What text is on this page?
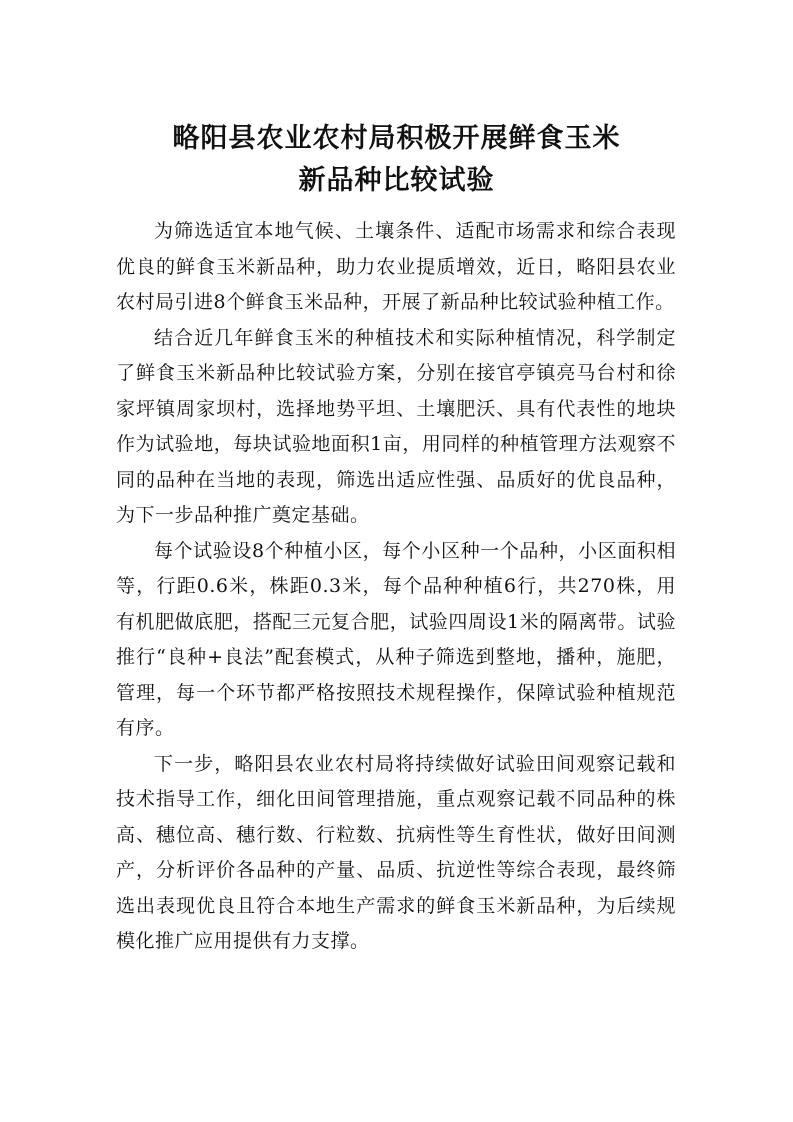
略阳县农业农村局积极开展鲜食玉米
新品种比较试验

为筛选适宜本地气候、土壤条件、适配市场需求和综合表现优良的鲜食玉米新品种，助力农业提质增效，近日，略阳县农业农村局引进8个鲜食玉米品种，开展了新品种比较试验种植工作。

结合近几年鲜食玉米的种植技术和实际种植情况，科学制定了鲜食玉米新品种比较试验方案，分别在接官亭镇亮马台村和徐家坪镇周家坝村，选择地势平坦、土壤肥沃、具有代表性的地块作为试验地，每块试验地面积1亩，用同样的种植管理方法观察不同的品种在当地的表现，筛选出适应性强、品质好的优良品种，为下一步品种推广奠定基础。

每个试验设8个种植小区，每个小区种一个品种，小区面积相等，行距0.6米，株距0.3米，每个品种种植6行，共270株，用有机肥做底肥，搭配三元复合肥，试验四周设1米的隔离带。试验推行“良种+良法”配套模式，从种子筛选到整地，播种，施肥，管理，每一个环节都严格按照技术规程操作，保障试验种植规范有序。

下一步，略阳县农业农村局将持续做好试验田间观察记载和技术指导工作，细化田间管理措施，重点观察记载不同品种的株高、穗位高、穗行数、行粒数、抗病性等生育性状，做好田间测产，分析评价各品种的产量、品质、抗逆性等综合表现，最终筛选出表现优良且符合本地生产需求的鲜食玉米新品种，为后续规模化推广应用提供有力支撑。
